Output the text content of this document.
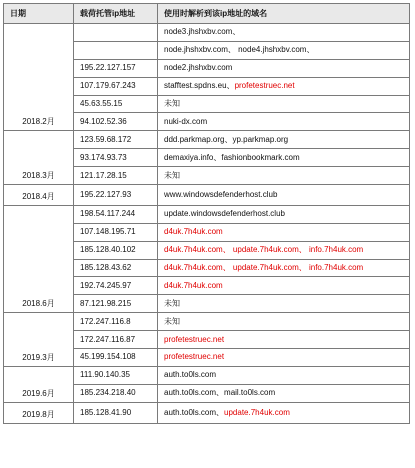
日期	载荷托管ip地址	使用时解析到该ip地址的域名
2018.2月		node3.jhshxbv.com、
		node.jhshxbv.com、 node4.jhshxbv.com、
	195.22.127.157	node2.jhshxbv.com
	107.179.67.243	stafftest.spdns.eu、profetestruec.net
	45.63.55.15	未知
	94.102.52.36	nuki-dx.com
2018.3月	123.59.68.172	ddd.parkmap.org、yp.parkmap.org
	93.174.93.73	demaxiya.info、fashionbookmark.com
	121.17.28.15	未知
2018.4月	195.22.127.93	www.windowsdefenderhost.club
2018.6月	198.54.117.244	update.windowsdefenderhost.club
	107.148.195.71	d4uk.7h4uk.com
	185.128.40.102	d4uk.7h4uk.com、 update.7h4uk.com、 info.7h4uk.com
	185.128.43.62	d4uk.7h4uk.com、 update.7h4uk.com、 info.7h4uk.com
	192.74.245.97	d4uk.7h4uk.com
	87.121.98.215	未知
2019.3月	172.247.116.8	未知
	172.247.116.87	profetestruec.net
	45.199.154.108	profetestruec.net
2019.6月	111.90.140.35	auth.to0ls.com
	185.234.218.40	auth.to0ls.com、mail.to0ls.com
2019.8月	185.128.41.90	auth.to0ls.com、update.7h4uk.com
